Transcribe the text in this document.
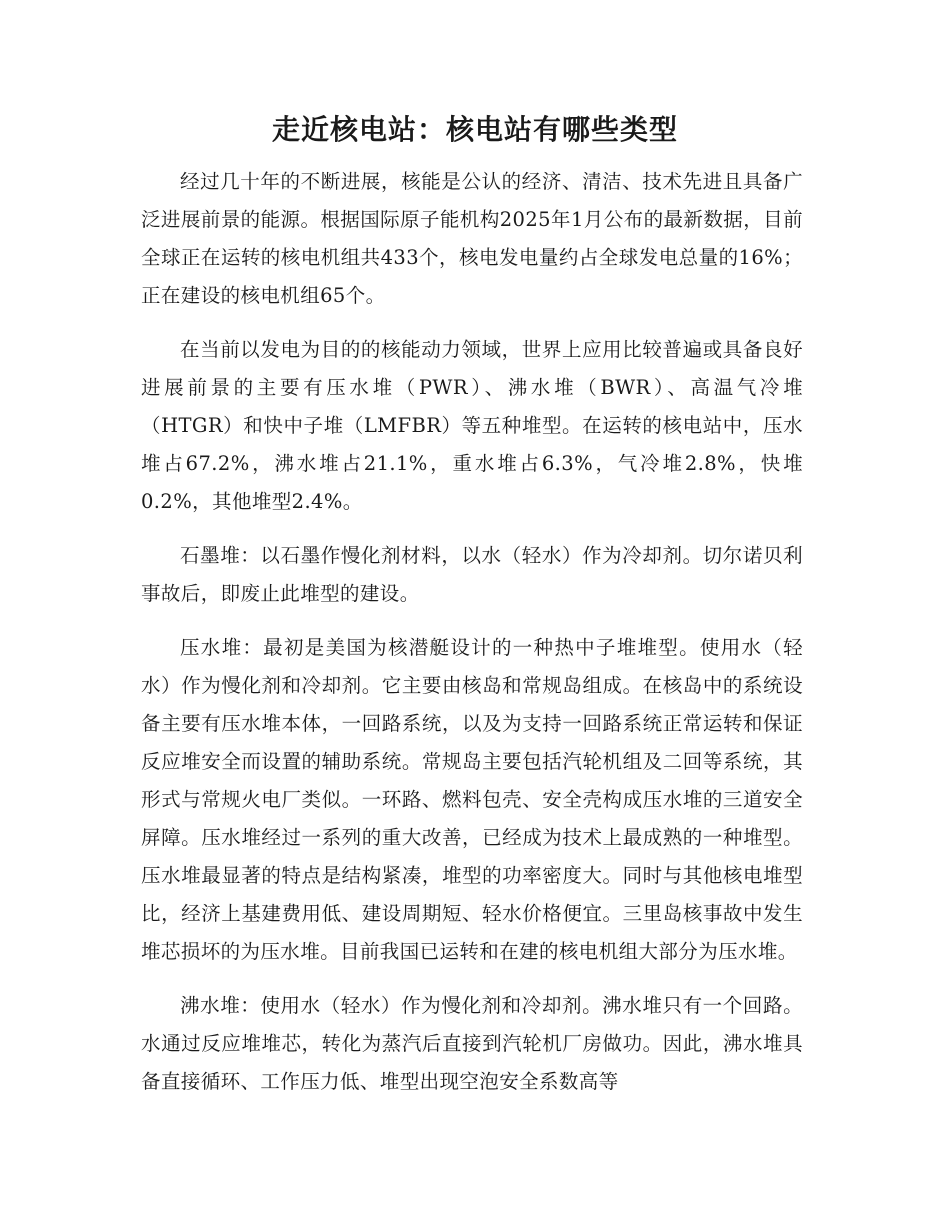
走近核电站：核电站有哪些类型

经过几十年的不断进展，核能是公认的经济、清洁、技术先进且具备广泛进展前景的能源。根据国际原子能机构2025年1月公布的最新数据，目前全球正在运转的核电机组共433个，核电发电量约占全球发电总量的16%；正在建设的核电机组65个。

在当前以发电为目的的核能动力领域，世界上应用比较普遍或具备良好进展前景的主要有压水堆（PWR）、沸水堆（BWR）、高温气冷堆（HTGR）和快中子堆（LMFBR）等五种堆型。在运转的核电站中，压水堆占67.2%，沸水堆占21.1%，重水堆占6.3%，气冷堆2.8%，快堆0.2%，其他堆型2.4%。

石墨堆：以石墨作慢化剂材料，以水（轻水）作为冷却剂。切尔诺贝利事故后，即废止此堆型的建设。

压水堆：最初是美国为核潜艇设计的一种热中子堆堆型。使用水（轻水）作为慢化剂和冷却剂。它主要由核岛和常规岛组成。在核岛中的系统设备主要有压水堆本体，一回路系统，以及为支持一回路系统正常运转和保证反应堆安全而设置的辅助系统。常规岛主要包括汽轮机组及二回等系统，其形式与常规火电厂类似。一环路、燃料包壳、安全壳构成压水堆的三道安全屏障。压水堆经过一系列的重大改善，已经成为技术上最成熟的一种堆型。压水堆最显著的特点是结构紧凑，堆型的功率密度大。同时与其他核电堆型比，经济上基建费用低、建设周期短、轻水价格便宜。三里岛核事故中发生堆芯损坏的为压水堆。目前我国已运转和在建的核电机组大部分为压水堆。

沸水堆：使用水（轻水）作为慢化剂和冷却剂。沸水堆只有一个回路。水通过反应堆堆芯，转化为蒸汽后直接到汽轮机厂房做功。因此，沸水堆具备直接循环、工作压力低、堆型出现空泡安全系数高等
